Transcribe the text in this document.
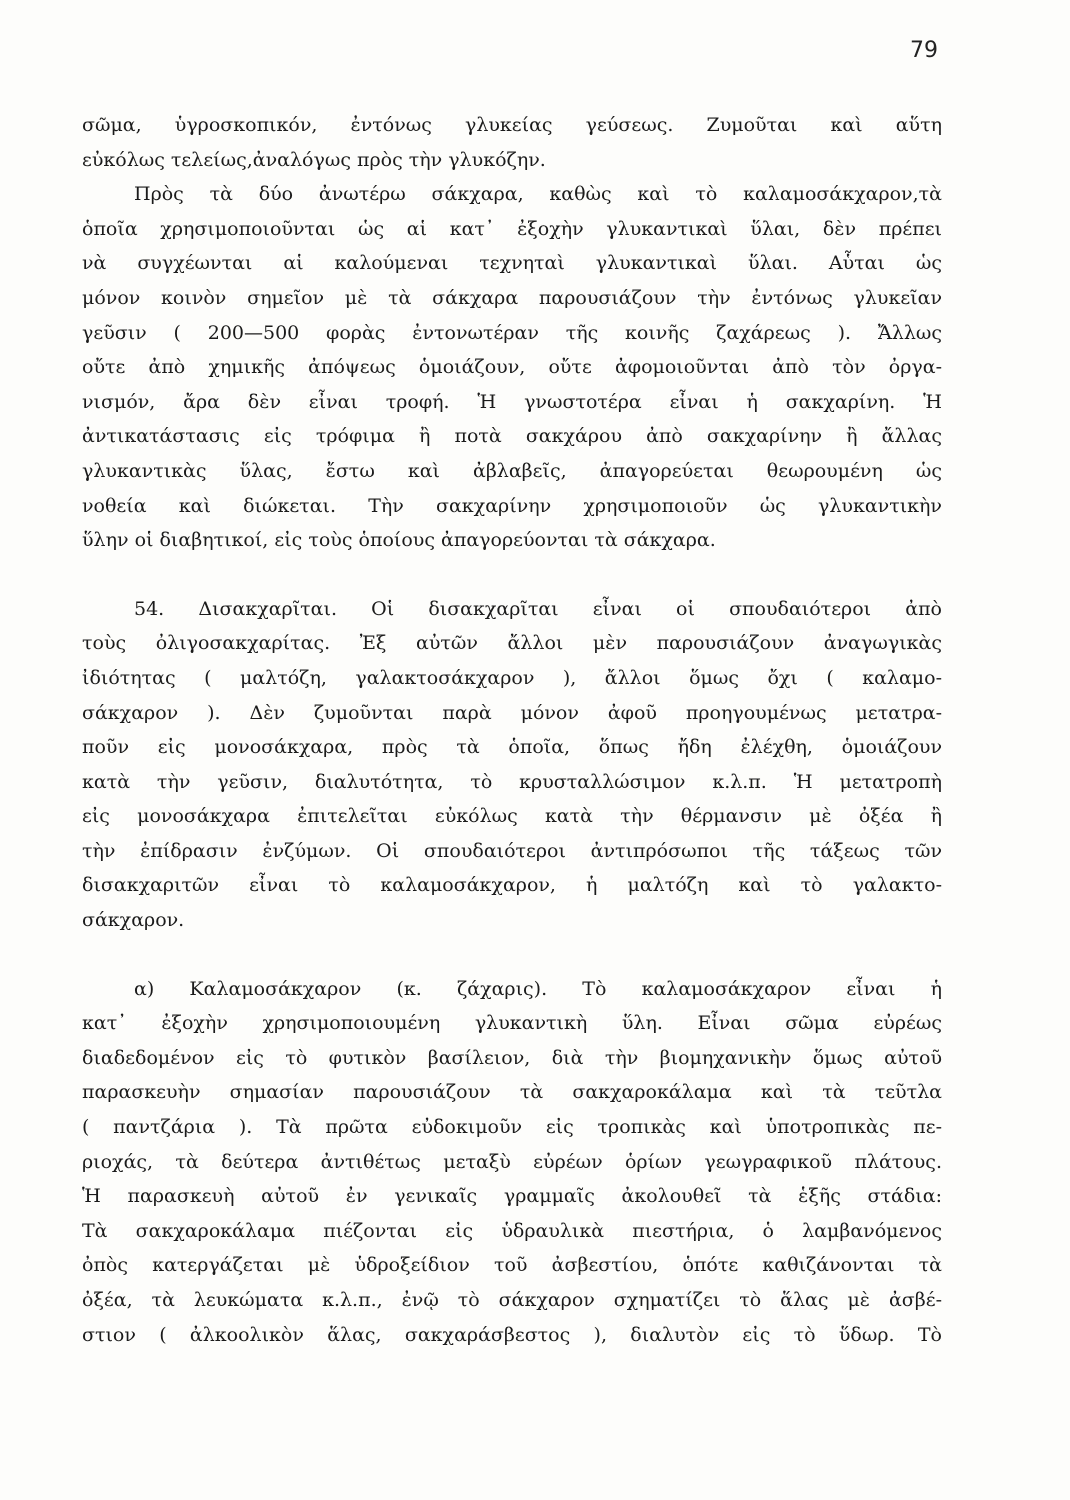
79
σῶμα, ὑγροσκοπικόν, ἐντόνως γλυκείας γεύσεως. Ζυμοῦται καὶ αὕτη
εὐκόλως τελείως,ἀναλόγως πρὸς τὴν γλυκόζην.
Πρὸς τὰ δύο ἀνωτέρω σάκχαρα, καθὼς καὶ τὸ καλαμοσάκχαρον,τὰ
ὁποῖα χρησιμοποιοῦνται ὡς αἱ κατ᾽ ἐξοχὴν γλυκαντικαὶ ὕλαι, δὲν πρέπει
νὰ συγχέωνται αἱ καλούμεναι τεχνηταὶ γλυκαντικαὶ ὕλαι. Αὗται ὡς
μόνον κοινὸν σημεῖον μὲ τὰ σάκχαρα παρουσιάζουν τὴν ἐντόνως γλυκεῖαν
γεῦσιν ( 200—500 φορὰς ἐντονωτέραν τῆς κοινῆς ζαχάρεως ). Ἄλλως
οὔτε ἀπὸ χημικῆς ἀπόψεως ὁμοιάζουν, οὔτε ἀφομοιοῦνται ἀπὸ τὸν ὀργα-
νισμόν, ἄρα δὲν εἶναι τροφή. Ἡ γνωστοτέρα εἶναι ἡ σακχαρίνη. Ἡ
ἀντικατάστασις εἰς τρόφιμα ἢ ποτὰ σακχάρου ἀπὸ σακχαρίνην ἢ ἄλλας
γλυκαντικὰς ὕλας, ἔστω καὶ ἀβλαβεῖς, ἀπαγορεύεται θεωρουμένη ὡς
νοθεία καὶ διώκεται. Τὴν σακχαρίνην χρησιμοποιοῦν ὡς γλυκαντικὴν
ὕλην οἱ διαβητικοί, εἰς τοὺς ὁποίους ἀπαγορεύονται τὰ σάκχαρα.
54. Δισακχαρῖται. Οἱ δισακχαρῖται εἶναι οἱ σπουδαιότεροι ἀπὸ
τοὺς ὀλιγοσακχαρίτας. Ἐξ αὐτῶν ἄλλοι μὲν παρουσιάζουν ἀναγωγικὰς
ἰδιότητας ( μαλτόζη, γαλακτοσάκχαρον ), ἄλλοι ὅμως ὄχι ( καλαμο-
σάκχαρον ). Δὲν ζυμοῦνται παρὰ μόνον ἀφοῦ προηγουμένως μετατρα-
ποῦν εἰς μονοσάκχαρα, πρὸς τὰ ὁποῖα, ὅπως ἤδη ἐλέχθη, ὁμοιάζουν
κατὰ τὴν γεῦσιν, διαλυτότητα, τὸ κρυσταλλώσιμον κ.λ.π. Ἡ μετατροπὴ
εἰς μονοσάκχαρα ἐπιτελεῖται εὐκόλως κατὰ τὴν θέρμανσιν μὲ ὀξέα ἢ
τὴν ἐπίδρασιν ἐνζύμων. Οἱ σπουδαιότεροι ἀντιπρόσωποι τῆς τάξεως τῶν
δισακχαριτῶν εἶναι τὸ καλαμοσάκχαρον, ἡ μαλτόζη καὶ τὸ γαλακτο-
σάκχαρον.
α) Καλαμοσάκχαρον (κ. ζάχαρις). Τὸ καλαμοσάκχαρον εἶναι ἡ
κατ᾽ ἐξοχὴν χρησιμοποιουμένη γλυκαντικὴ ὕλη. Εἶναι σῶμα εὐρέως
διαδεδομένον εἰς τὸ φυτικὸν βασίλειον, διὰ τὴν βιομηχανικὴν ὅμως αὐτοῦ
παρασκευὴν σημασίαν παρουσιάζουν τὰ σακχαροκάλαμα καὶ τὰ τεῦτλα
( παντζάρια ). Τὰ πρῶτα εὐδοκιμοῦν εἰς τροπικὰς καὶ ὑποτροπικὰς πε-
ριοχάς, τὰ δεύτερα ἀντιθέτως μεταξὺ εὐρέων ὁρίων γεωγραφικοῦ πλάτους.
Ἡ παρασκευὴ αὐτοῦ ἐν γενικαῖς γραμμαῖς ἀκολουθεῖ τὰ ἑξῆς στάδια:
Τὰ σακχαροκάλαμα πιέζονται εἰς ὑδραυλικὰ πιεστήρια, ὁ λαμβανόμενος
ὀπὸς κατεργάζεται μὲ ὑδροξείδιον τοῦ ἀσβεστίου, ὁπότε καθιζάνονται τὰ
ὀξέα, τὰ λευκώματα κ.λ.π., ἐνῷ τὸ σάκχαρον σχηματίζει τὸ ἅλας μὲ ἀσβέ-
στιον ( ἀλκοολικὸν ἅλας, σακχαράσβεστος ), διαλυτὸν εἰς τὸ ὕδωρ. Τὸ
